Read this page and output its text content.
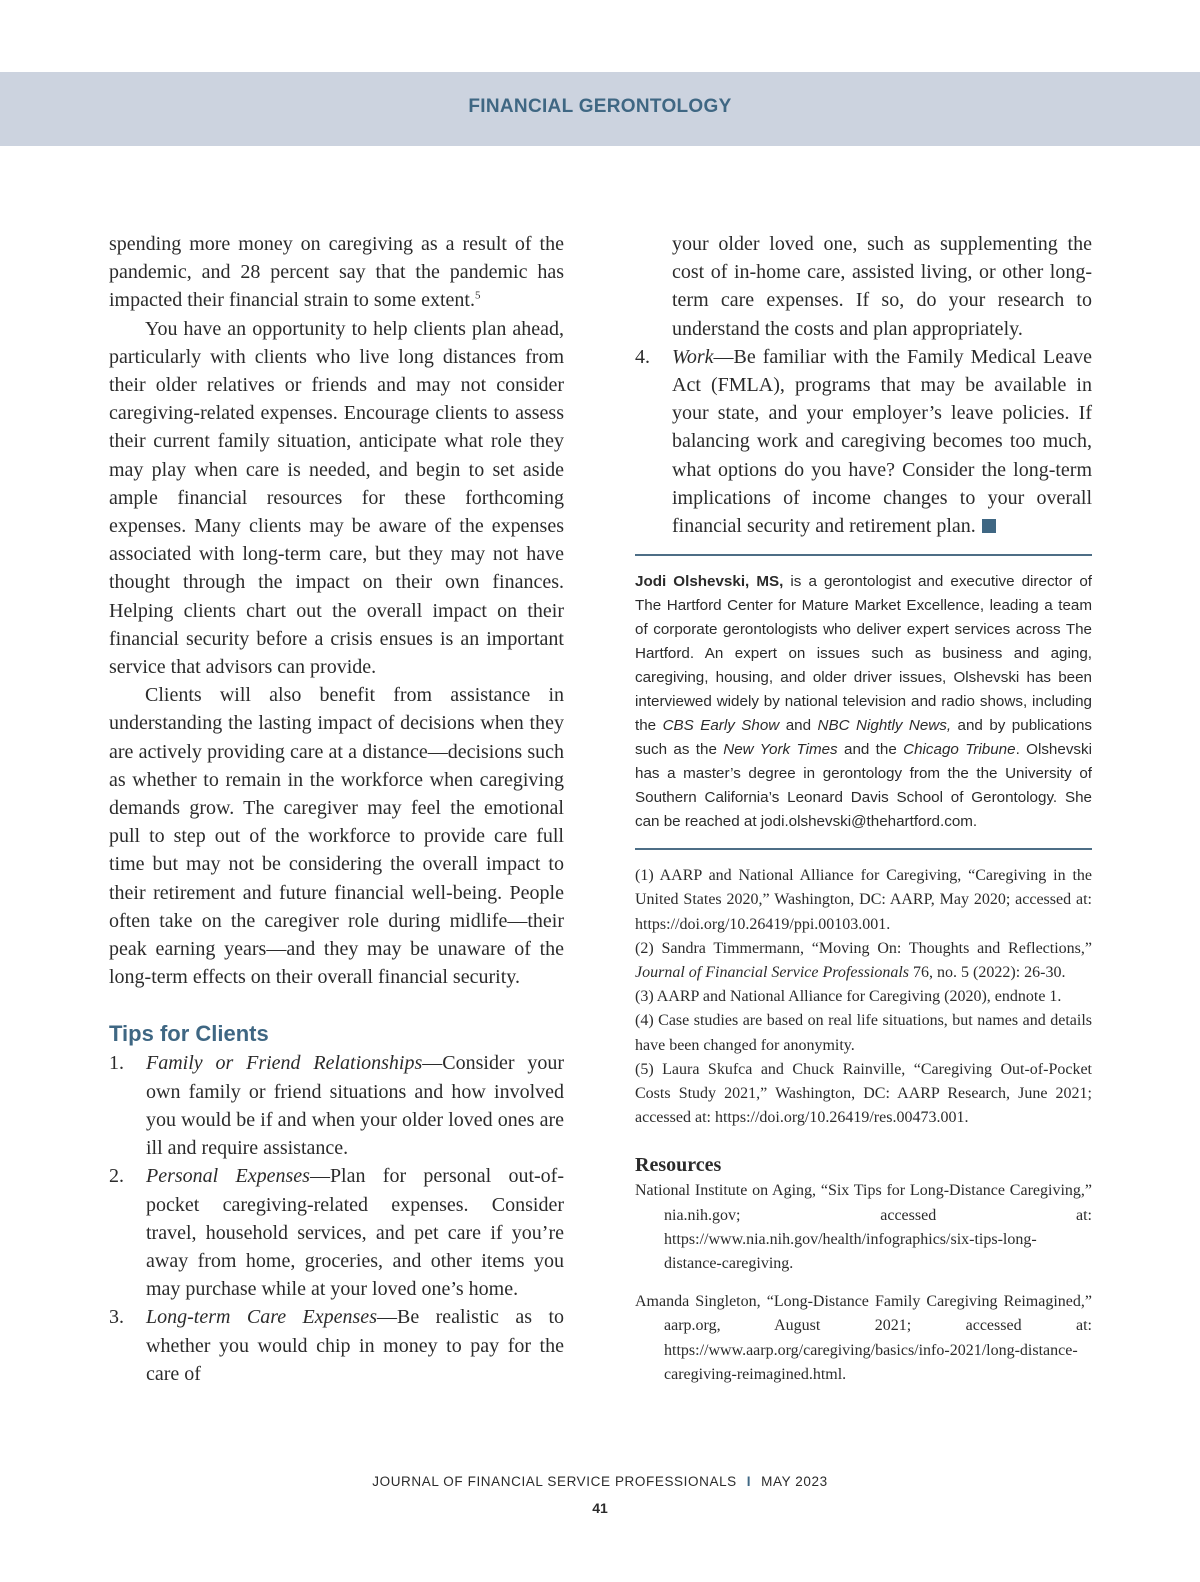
FINANCIAL GERONTOLOGY

spending more money on caregiving as a result of the pandemic, and 28 percent say that the pandemic has impacted their financial strain to some extent.$^5$

You have an opportunity to help clients plan ahead, particularly with clients who live long distances from their older relatives or friends and may not consider caregiving-related expenses. Encourage clients to assess their current family situation, anticipate what role they may play when care is needed, and begin to set aside ample financial resources for these forthcoming expenses. Many clients may be aware of the expenses associated with long-term care, but they may not have thought through the impact on their own finances. Helping clients chart out the overall impact on their financial security before a crisis ensues is an important service that advisors can provide.

Clients will also benefit from assistance in understanding the lasting impact of decisions when they are actively providing care at a distance—decisions such as whether to remain in the workforce when caregiving demands grow. The caregiver may feel the emotional pull to step out of the workforce to provide care full time but may not be considering the overall impact to their retirement and future financial well-being. People often take on the caregiver role during midlife—their peak earning years—and they may be unaware of the long-term effects on their overall financial security.

Tips for Clients
1.	Family or Friend Relationships—Consider your own family or friend situations and how involved you would be if and when your older loved ones are ill and require assistance.
2.	Personal Expenses—Plan for personal out-of-pocket caregiving-related expenses. Consider travel, household services, and pet care if you’re away from home, groceries, and other items you may purchase while at your loved one’s home.
3.	Long-term Care Expenses—Be realistic as to whether you would chip in money to pay for the care of
your older loved one, such as supplementing the cost of in-home care, assisted living, or other long-term care expenses. If so, do your research to understand the costs and plan appropriately.
4.	Work—Be familiar with the Family Medical Leave Act (FMLA), programs that may be available in your state, and your employer’s leave policies. If balancing work and caregiving becomes too much, what options do you have? Consider the long-term implications of income changes to your overall financial security and retirement plan.

Jodi Olshevski, MS, is a gerontologist and executive director of The Hartford Center for Mature Market Excellence, leading a team of corporate gerontologists who deliver expert services across The Hartford. An expert on issues such as business and aging, caregiving, housing, and older driver issues, Olshevski has been interviewed widely by national television and radio shows, including the CBS Early Show and NBC Nightly News, and by publications such as the New York Times and the Chicago Tribune. Olshevski has a master’s degree in gerontology from the the University of Southern California’s Leonard Davis School of Gerontology. She can be reached at jodi.olshevski@thehartford.com.

(1) AARP and National Alliance for Caregiving, “Caregiving in the United States 2020,” Washington, DC: AARP, May 2020; accessed at: https://doi.org/10.26419/ppi.00103.001.

(2) Sandra Timmermann, “Moving On: Thoughts and Reflections,” Journal of Financial Service Professionals 76, no. 5 (2022): 26-30.

(3) AARP and National Alliance for Caregiving (2020), endnote 1.

(4) Case studies are based on real life situations, but names and details have been changed for anonymity.

(5) Laura Skufca and Chuck Rainville, “Caregiving Out-of-Pocket Costs Study 2021,” Washington, DC: AARP Research, June 2021; accessed at: https://doi.org/10.26419/res.00473.001.

Resources

National Institute on Aging, “Six Tips for Long-Distance Caregiving,” nia.nih.gov; accessed at: https://www.nia.nih.gov/health/infographics/six-tips-long-distance-caregiving.

Amanda Singleton, “Long-Distance Family Caregiving Reimagined,” aarp.org, August 2021; accessed at: https://www.aarp.org/caregiving/basics/info-2021/long-distance-caregiving-reimagined.html.

JOURNAL OF FINANCIAL SERVICE PROFESSIONALS I MAY 2023
41
